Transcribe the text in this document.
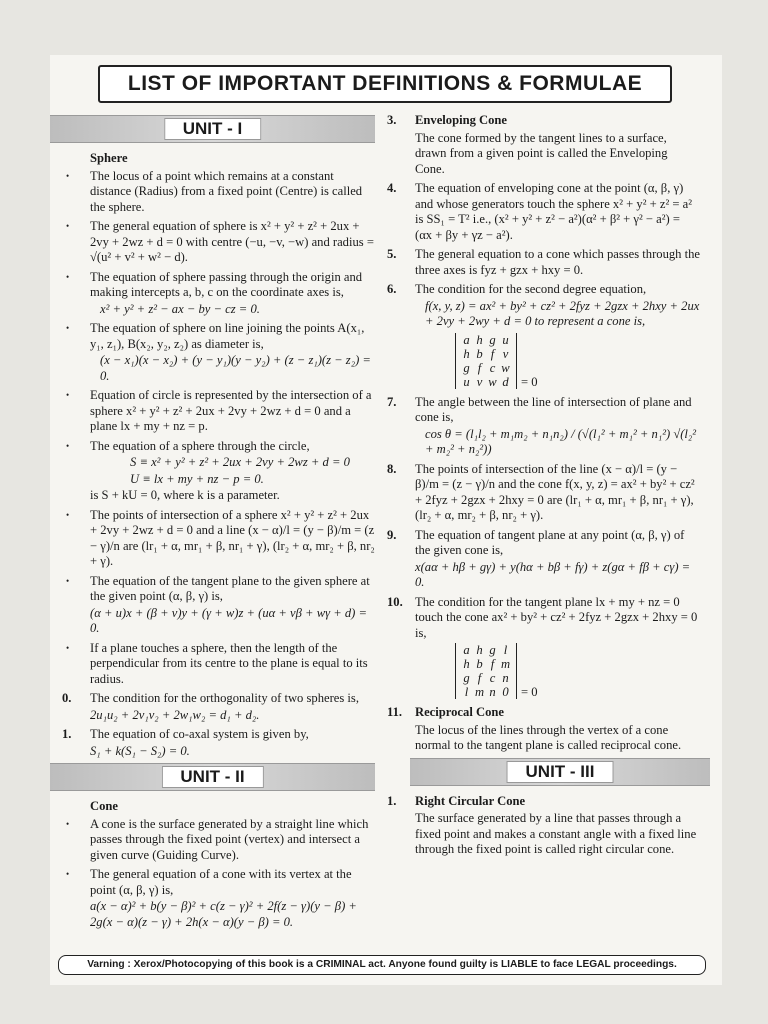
LIST OF IMPORTANT DEFINITIONS & FORMULAE
UNIT - I
Sphere
• The locus of a point which remains at a constant distance (Radius) from a fixed point (Centre) is called the sphere.
• The general equation of sphere is x² + y² + z² + 2ux + 2vy + 2wz + d = 0 with centre (−u, −v, −w) and radius = √(u² + v² + w² − d).
• The equation of sphere passing through the origin and making intercepts a, b, c on the coordinate axes is,
x² + y² + z² − ax − by − cz = 0.
• The equation of sphere on line joining the points A(x₁, y₁, z₁), B(x₂, y₂, z₂) as diameter is,
(x − x₁)(x − x₂) + (y − y₁)(y − y₂) + (z − z₁)(z − z₂) = 0.
• Equation of circle is represented by the intersection of a sphere x² + y² + z² + 2ux + 2vy + 2wz + d = 0 and a plane lx + my + nz = p.
• The equation of a sphere through the circle,
S ≡ x² + y² + z² + 2ux + 2vy + 2wz + d = 0
U ≡ lx + my + nz − p = 0.
is S + kU = 0, where k is a parameter.
• The points of intersection of a sphere x² + y² + z² + 2ux + 2vy + 2wz + d = 0 and a line (x − α)/l = (y − β)/m = (z − γ)/n are (lr₁ + α, mr₁ + β, nr₁ + γ), (lr₂ + α, mr₂ + β, nr₂ + γ).
• The equation of the tangent plane to the given sphere at the given point (α, β, γ) is,
(α + u)x + (β + v)y + (γ + w)z + (uα + vβ + wγ + d) = 0.
• If a plane touches a sphere, then the length of the perpendicular from its centre to the plane is equal to its radius.
0. The condition for the orthogonality of two spheres is,
2u₁u₂ + 2v₁v₂ + 2w₁w₂ = d₁ + d₂.
1. The equation of co-axal system is given by,
S₁ + k(S₁ − S₂) = 0.
UNIT - II
Cone
• A cone is the surface generated by a straight line which passes through the fixed point (vertex) and intersect a given curve (Guiding Curve).
• The general equation of a cone with its vertex at the point (α, β, γ) is,
a(x − α)² + b(y − β)² + c(z − γ)² + 2f(z − γ)(y − β) + 2g(x − α)(z − γ) + 2h(x − α)(y − β) = 0.
3. Enveloping Cone
The cone formed by the tangent lines to a surface, drawn from a given point is called the Enveloping Cone.
4. The equation of enveloping cone at the point (α, β, γ) and whose generators touch the sphere x² + y² + z² = a² is SS₁ = T² i.e., (x² + y² + z² − a²)(α² + β² + γ² − a²) = (αx + βy + γz − a²).
5. The general equation to a cone which passes through the three axes is fyz + gzx + hxy = 0.
6. The condition for the second degree equation,
f(x, y, z) = ax² + by² + cz² + 2fyz + 2gzx + 2hxy + 2ux + 2vy + 2wy + d = 0 to represent a cone is,
a h g u
h b f v
g f c w
u v w d = 0
7. The angle between the line of intersection of plane and cone is,
cos θ = (l₁l₂ + m₁m₂ + n₁n₂) / (√(l₁² + m₁² + n₁²) √(l₂² + m₂² + n₂²))
8. The points of intersection of the line (x − α)/l = (y − β)/m = (z − γ)/n and the cone f(x, y, z) = ax² + by² + cz² + 2fyz + 2gzx + 2hxy = 0 are (lr₁ + α, mr₁ + β, nr₁ + γ), (lr₂ + α, mr₂ + β, nr₂ + γ).
9. The equation of tangent plane at any point (α, β, γ) of the given cone is,
x(aα + hβ + gγ) + y(hα + bβ + fγ) + z(gα + fβ + cγ) = 0.
10. The condition for the tangent plane lx + my + nz = 0 touch the cone ax² + by² + cz² + 2fyz + 2gzx + 2hxy = 0 is,
a h g l
h b f m
g f c n
l m n 0 = 0
11. Reciprocal Cone
The locus of the lines through the vertex of a cone normal to the tangent plane is called reciprocal cone.
UNIT - III
1. Right Circular Cone
The surface generated by a line that passes through a fixed point and makes a constant angle with a fixed line through the fixed point is called right circular cone.
Varning : Xerox/Photocopying of this book is a CRIMINAL act. Anyone found guilty is LIABLE to face LEGAL proceedings.
